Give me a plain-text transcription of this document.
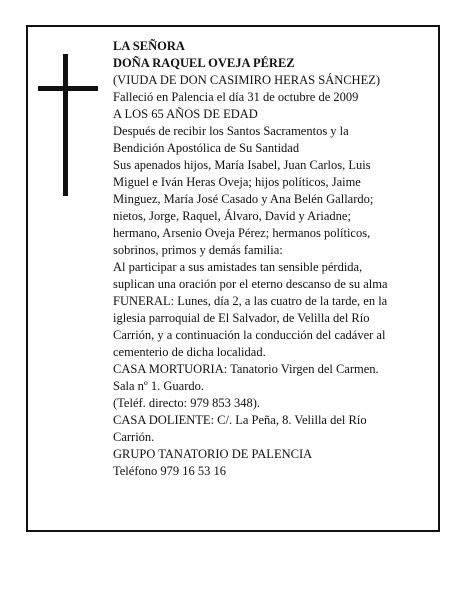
LA SEÑORA
DOÑA RAQUEL OVEJA PÉREZ
(VIUDA DE DON CASIMIRO HERAS SÁNCHEZ)
Falleció en Palencia el día 31 de octubre de 2009
A LOS 65 AÑOS DE EDAD
Después de recibir los Santos Sacramentos y la
Bendición Apostólica de Su Santidad
Sus apenados hijos, María Isabel, Juan Carlos, Luis
Miguel e Iván Heras Oveja; hijos políticos, Jaime
Minguez, María José Casado y Ana Belén Gallardo;
nietos, Jorge, Raquel, Álvaro, David y Ariadne;
hermano, Arsenio Oveja Pérez; hermanos políticos,
sobrinos, primos y demás familia:
Al participar a sus amistades tan sensible pérdida,
suplican una oración por el eterno descanso de su alma
FUNERAL: Lunes, día 2, a las cuatro de la tarde, en la
iglesia parroquial de El Salvador, de Velilla del Río
Carrión, y a continuación la conducción del cadáver al
cementerio de dicha localidad.
CASA MORTUORIA: Tanatorio Virgen del Carmen.
Sala nº 1. Guardo.
(Teléf. directo: 979 853 348).
CASA DOLIENTE: C/. La Peña, 8. Velilla del Río
Carrión.
GRUPO TANATORIO DE PALENCIA
Teléfono 979 16 53 16
